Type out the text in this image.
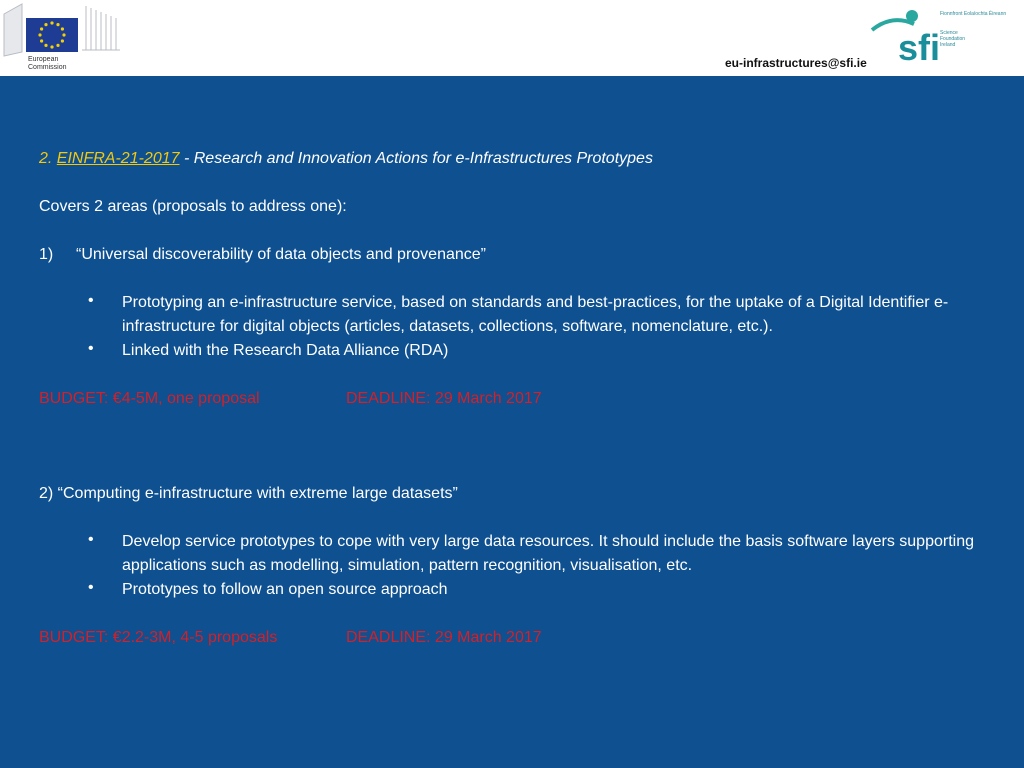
European Commission	sfi
Fionnfront Eolaíochta Éireann
Science Foundation Ireland
eu-infrastructures@sfi.ie
2. EINFRA-21-2017 - Research and Innovation Actions for e-Infrastructures Prototypes
Covers 2 areas (proposals to address one):
1) “Universal discoverability of data objects and provenance”
• Prototyping an e-infrastructure service, based on standards and best-practices, for the uptake of a Digital Identifier e-infrastructure for digital objects (articles, datasets, collections, software, nomenclature, etc.).
• Linked with the Research Data Alliance (RDA)
BUDGET: €4-5M, one proposal	DEADLINE: 29 March 2017
2) “Computing e-infrastructure with extreme large datasets”
• Develop service prototypes to cope with very large data resources. It should include the basis software layers supporting applications such as modelling, simulation, pattern recognition, visualisation, etc.
• Prototypes to follow an open source approach
BUDGET: €2.2-3M, 4-5 proposals	DEADLINE: 29 March 2017
